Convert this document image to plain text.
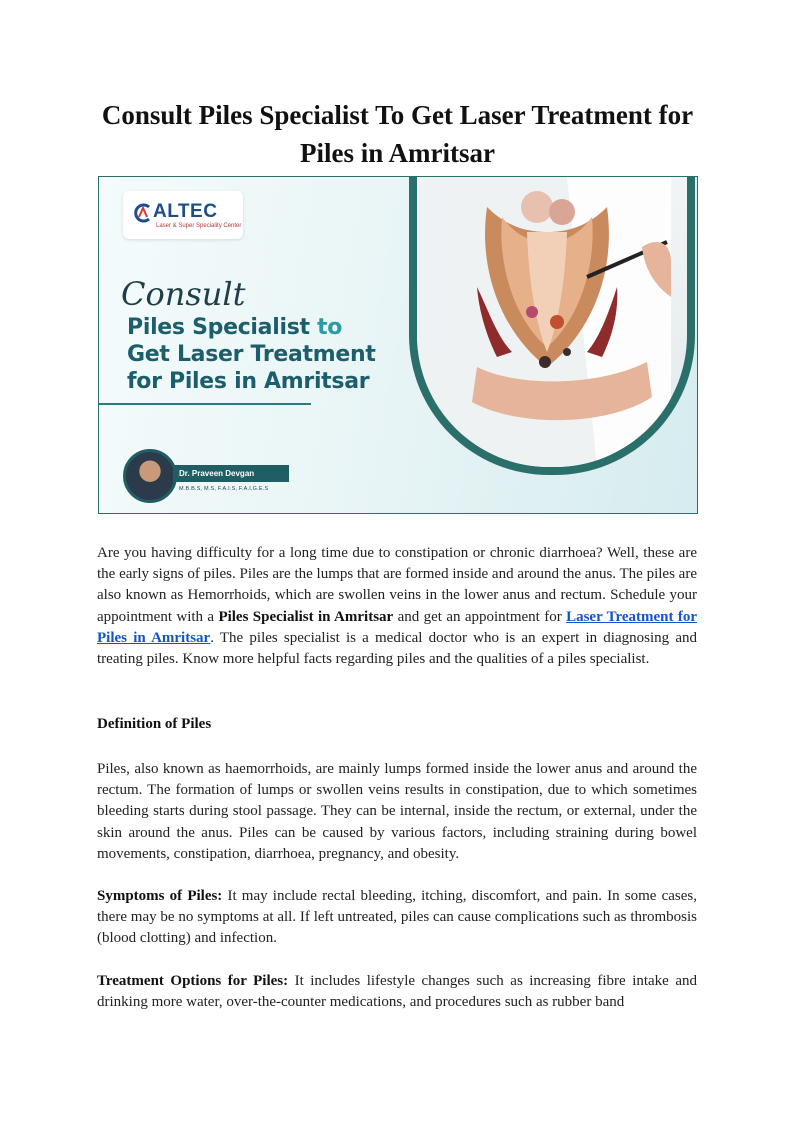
Consult Piles Specialist To Get Laser Treatment for Piles in Amritsar
ALTEC
Laser & Super Speciality Center
Consult
Piles Specialist to
Get Laser Treatment
for Piles in Amritsar
Dr. Praveen Devgan
M.B.B.S, M.S, F.A.I.S, F.A.I.G.E.S

Are you having difficulty for a long time due to constipation or chronic diarrhoea? Well, these are the early signs of piles. Piles are the lumps that are formed inside and around the anus. The piles are also known as Hemorrhoids, which are swollen veins in the lower anus and rectum. Schedule your appointment with a Piles Specialist in Amritsar and get an appointment for Laser Treatment for Piles in Amritsar. The piles specialist is a medical doctor who is an expert in diagnosing and treating piles. Know more helpful facts regarding piles and the qualities of a piles specialist.

Definition of Piles

Piles, also known as haemorrhoids, are mainly lumps formed inside the lower anus and around the rectum. The formation of lumps or swollen veins results in constipation, due to which sometimes bleeding starts during stool passage. They can be internal, inside the rectum, or external, under the skin around the anus. Piles can be caused by various factors, including straining during bowel movements, constipation, diarrhoea, pregnancy, and obesity.

Symptoms of Piles: It may include rectal bleeding, itching, discomfort, and pain. In some cases, there may be no symptoms at all. If left untreated, piles can cause complications such as thrombosis (blood clotting) and infection.

Treatment Options for Piles: It includes lifestyle changes such as increasing fibre intake and drinking more water, over-the-counter medications, and procedures such as rubber band
